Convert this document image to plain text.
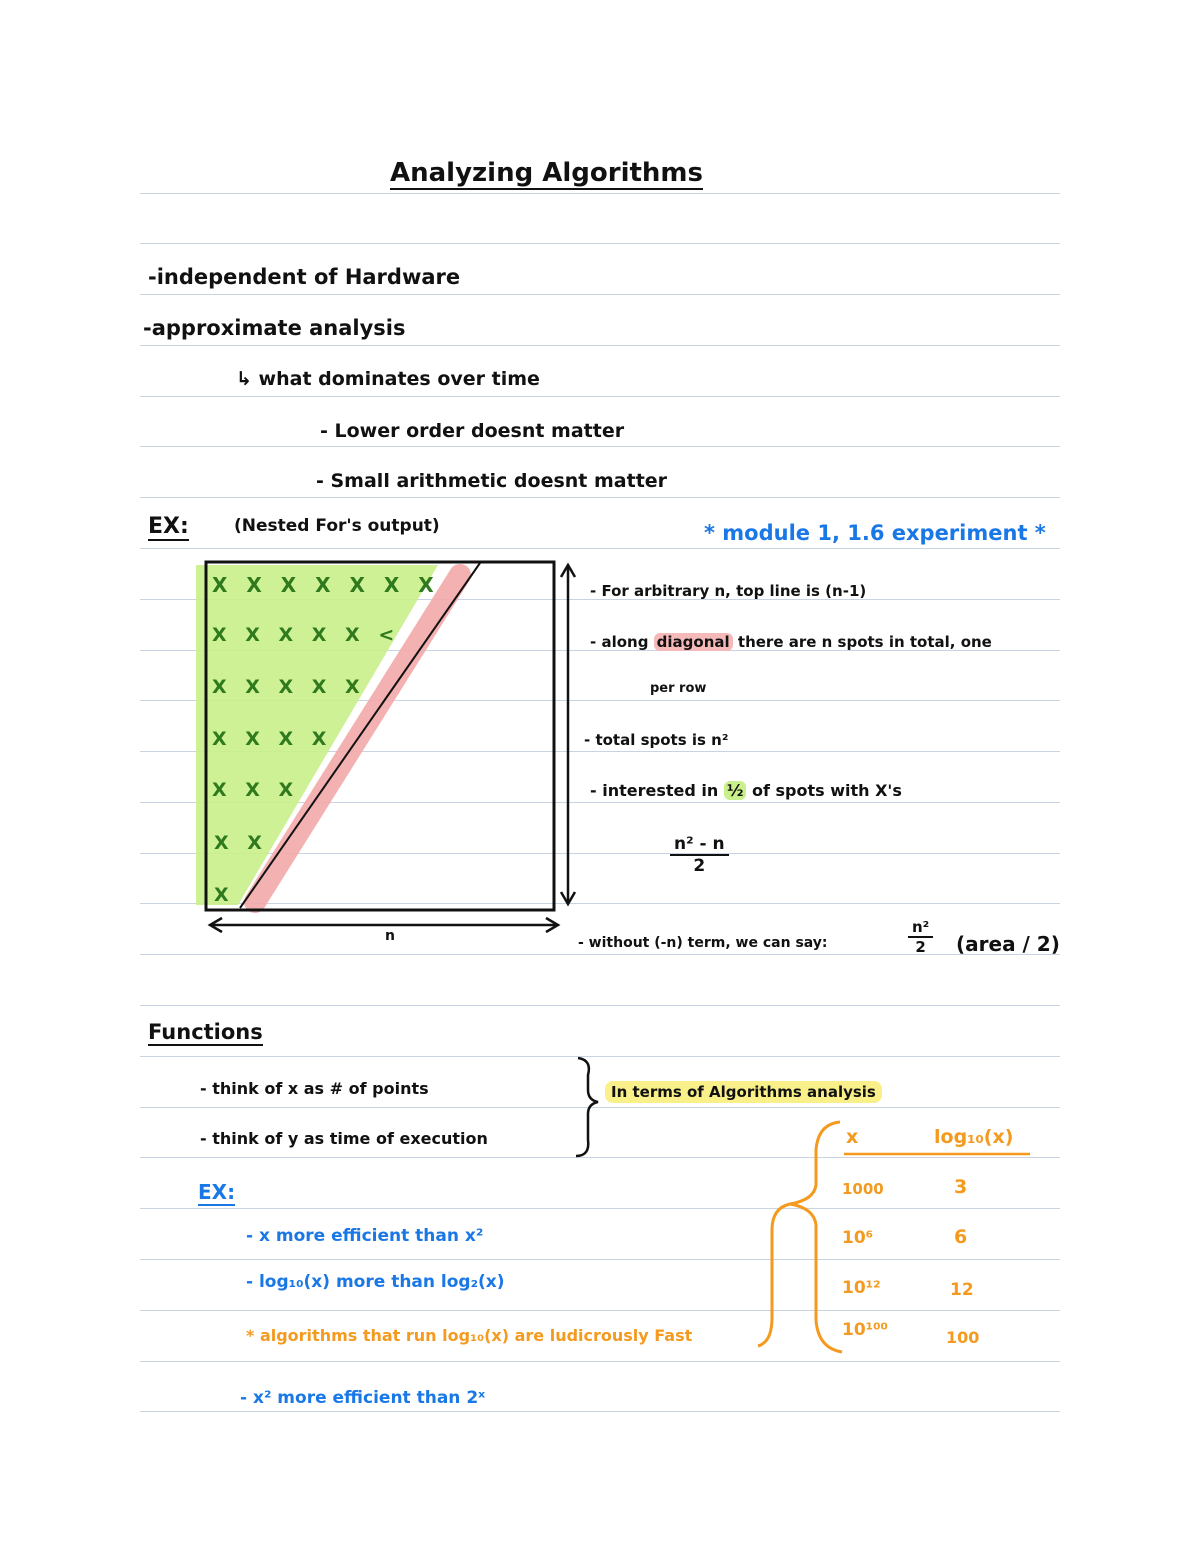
Analyzing Algorithms
-independent of Hardware
-approximate analysis
↳ what dominates over time
- Lower order doesnt matter
- Small arithmetic doesnt matter
EX:	(Nested For's output)	* module 1, 1.6 experiment *
X X X X X X X
X X X X X <
X X X X X
X X X X
X X X
X X
X
n
- For arbitrary n, top line is (n-1)
- along diagonal there are n spots in total, one
per row
- total spots is n²
- interested in ½ of spots with X's
$\frac{\text{n² - n}}{2}$
- without (-n) term, we can say:	$\frac{\text{n²}}{2}$ (area / 2)
Functions
- think of x as # of points
- think of y as time of execution
In terms of Algorithms analysis
EX:
- x more efficient than x²
- log₁₀(x) more than log₂(x)
* algorithms that run log₁₀(x) are ludicrously Fast
- x² more efficient than 2ˣ
x	log₁₀(x)
1000	3
10⁶	6
10¹²	12
10¹⁰⁰	100
